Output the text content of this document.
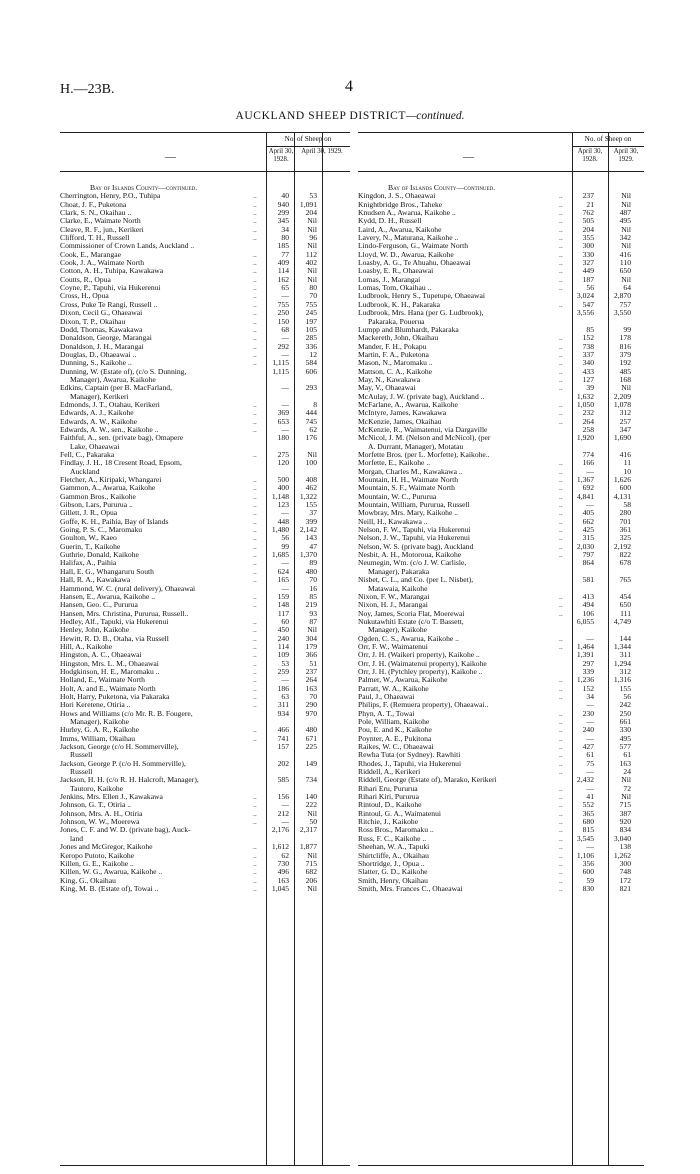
H.—23B.	4
AUCKLAND SHEEP DISTRICT—continued.
—
No. of Sheep on
April 30, 1928.
April 30, 1929.
Bay of Islands County—continued.
Cherrington, Henry, P.O., Tuhipa	..	40	53
Choat, J. F., Puketona	..	940	1,091
Clark, S. N., Okaihau ..	..	299	204
Clarke, E., Waimate North	..	345	Nil
Cleave, R. F., jun., Kerikeri	..	34	Nil
Clifford, T. H., Russell	..	80	96
Commissioner of Crown Lands, Auckland ..	185	Nil
Cook, E., Marangae	..	77	112
Cook, J. A., Waimate North	..	409	402
Cotton, A. H., Tuhipa, Kawakawa	..	114	Nil
Coutts, R., Opua	..	162	Nil
Coyne, P., Tapuhi, via Hukerenui	..	65	80
Cross, H., Opua	..	—	70
Cross, Puke Te Rangi, Russell ..	..	755	755
Dixon, Cecil G., Ohaeawai	..	250	245
Dixon, T. P., Okaihau	..	150	197
Dodd, Thomas, Kawakawa	..	68	105
Donaldson, George, Marangai	..	—	285
Donaldson, J. H., Marangai	..	292	336
Douglas, D., Ohaeawai ..	..	—	12
Dunning, S., Kaikohe ..	..	1,115	584
Dunning, W. (Estate of), (c/o S. Dunning,	1,115	606
Manager), Awarua, Kaikohe
Edkins, Captain (per B. MacFarland,	—	293
Manager), Kerikeri
Edmonds, J. T., Otahau, Kerikeri	..	—	8
Edwards, A. J., Kaikohe	..	369	444
Edwards, A. W., Kaikohe	..	653	745
Edwards, A. W., sen., Kaikohe ..	..	—	62
Faithful, A., sen. (private bag), Omapere	180	176
Lake, Ohaeawai
Fell, C., Pakaraka	..	275	Nil
Findlay, J. H., 18 Cresent Road, Epsom,	120	100
Auckland
Fletcher, A., Kiripaki, Whangarei	..	500	408
Gammon, A., Awarua, Kaikohe	..	400	462
Gammon Bros., Kaikohe	..	1,148	1,322
Gibson, Lars, Pururua ..	..	123	155
Gillett, J. R., Opua	..	—	37
Goffe, K. H., Paihia, Bay of Islands	..	448	399
Going, P. S. C., Maromaku	..	1,480	2,142
Goulton, W., Kaeo	..	56	143
Guerin, T., Kaikohe	..	99	47
Guthrie, Donald, Kaikohe	..	1,685	1,370
Halifax, A., Paihia	..	—	89
Hall, E. G., Whangaruru South	..	624	480
Hall, R. A., Kawakawa	..	165	70
Hammond, W. C. (rural delivery), Ohaeawai	—	16
Hansen, E., Awarua, Kaikohe ..	..	159	85
Hansen, Geo. C., Pururua	..	148	219
Hansen, Mrs. Christina, Pururua, Russell..	117	93
Hedley, Alf., Tapuki, via Hukerenui	..	60	87
Henley, John, Kaikohe	..	450	Nil
Hewitt, R. D. B., Otaha, via Russell	..	240	304
Hill, A., Kaikohe	..	114	179
Hingston, A. C., Ohaeawai	..	109	366
Hingston, Mrs. L. M., Ohaeawai	..	53	51
Hodgkinson, H. E., Maromaku ..	..	259	237
Holland, E., Waimate North	..	—	264
Holt, A. and E., Waimate North	..	186	163
Holt, Harry, Puketona, via Pakaraka	..	63	70
Hori Keretene, Otiria ..	..	311	290
Hows and Williams (c/o Mr. R. B. Fougere,	934	970
Manager), Kaikohe
Hurley, G. A. R., Kaikohe	..	466	480
Imms, William, Okaihau	..	741	671
Jackson, George (c/o H. Sommerville),	157	225
Russell
Jackson, George P. (c/o H. Sommerville),	202	149
Russell
Jackson, H. H. (c/o R. H. Halcroft, Manager),	585	734
Tautoro, Kaikohe
Jenkins, Mrs. Ellen J., Kawakawa	..	156	140
Johnson, G. T., Otiria ..	..	—	222
Johnson, Mrs. A. H., Otiria	..	212	Nil
Johnson, W. W., Moerewa	..	—	50
Jones, C. F. and W. D. (private bag), Auck-	2,176	2,317
land
Jones and McGregor, Kaikohe	..	1,612	1,877
Keropo Putoto, Kaikohe	..	62	Nil
Killen, G. E., Kaikohe ..	..	730	715
Killen, W. G., Awarua, Kaikohe ..	..	496	682
King, G., Okaihau	..	163	206
King, M. B. (Estate of), Towai ..	..	1,045	Nil
—
No. of Sheep on
April 30, 1928.
April 30, 1929.
Bay of Islands County—continued.
Kingdon, J. S., Ohaeawai	..	237	Nil
Knightbridge Bros., Taheke	..	21	Nil
Knudsen A., Awarua, Kaikohe ..	..	762	487
Kydd, D. H., Russell	..	505	495
Laird, A., Awarua, Kaikohe	..	204	Nil
Lavery, N., Maturana, Kaikohe ..	..	355	342
Lindo-Ferguson, G., Waimate North	..	300	Nil
Lloyd, W. D., Awarua, Kaikohe	..	330	416
Loasby, A. G., Te Ahuahu, Ohaeawai	..	327	110
Loasby, E. R., Ohaeawai	..	449	650
Lomas, J., Marangai	..	187	Nil
Lomas, Tom, Okaihau ..	..	56	64
Ludbrook, Henry S., Tupetupe, Ohaeawai	3,024	2,870
Ludbrook, K. H., Pakaraka	..	547	757
Ludbrook, Mrs. Hana (per G. Ludbrook),	3,556	3,550
Pakaraka, Pouerua
Lumpp and Blumhardt, Pakaraka	85	99
Mackereth, John, Okaihau	..	152	178
Mander, F. H., Pokapu	..	738	816
Martin, F. A., Puketona	..	337	379
Mason, N., Maromaku ..	..	340	192
Mattson, C. A., Kaikohe	..	433	485
May, N., Kawakawa	..	127	168
May, V., Ohaeawai	..	39	Nil
McAulay, J. W. (private bag), Auckland ..	1,632	2,209
McFarlane, A., Awarua, Kaikohe	..	1,050	1,078
McIntyre, James, Kawakawa	..	232	312
McKenzie, James, Okaihau	..	264	257
McKenzie, R., Waimatenui, via Dargaville	258	347
McNicol, J. M. (Nelson and McNicol), (per	1,920	1,690
A. Durrant, Manager), Motatau
Morfette Bros. (per L. Morfette), Kaikohe..	774	416
Morfette, E., Kaikohe ..	..	166	11
Morgan, Charles M., Kawakawa ..	..	—	10
Mountain, H. H., Waimate North	..	1,367	1,626
Mountain, S. F., Waimate North	..	692	600
Mountain, W. C., Pururua	..	4,841	4,131
Mountain, William, Pururua, Russell	..	—	58
Mowbray, Mrs. Mary, Kaikohe ..	..	405	280
Neill, H., Kawakawa ..	..	662	701
Nelson, F. W., Tapuhi, via Hukerenui	..	425	361
Nelson, J. W., Tapuhi, via Hukerenui	..	315	325
Nelson, W. S. (private bag), Auckland	..	2,030	2,192
Nesbit, A. H., Motoroua, Kaikohe	..	797	822
Neumegin, Wm. (c/o J. W. Carlisle,	864	678
Manager), Pakaraka
Nisbet, C. L., and Co. (per L. Nisbet),	581	765
Matawaia, Kaikohe
Nixon, F. W., Marangai	..	413	454
Nixon, H. J., Marangai	..	494	650
Noy, James, Scoria Flat, Moerewai	..	106	111
Nukutawhiti Estate (c/o T. Bassett,	6,055	4,749
Manager), Kaikohe
Ogden, C. S., Awarua, Kaikohe ..	..	—	144
Orr, F. W., Waimatenui	..	1,464	1,344
Orr, J. H. (Waikeri property), Kaikohe ..	1,391	311
Orr, J. H. (Waimatenui property), Kaikohe	297	1,294
Orr, J. H. (Pytchley property), Kaikohe ..	339	312
Palmer, W., Awarua, Kaikohe	..	1,236	1,316
Parratt, W. A., Kaikohe	..	152	155
Paul, J., Ohaeawai	..	34	56
Philips, F. (Remuera property), Ohaeawai..	—	242
Phyn, A. T., Towai	..	230	250
Pole, William, Kaikohe	..	—	661
Pou, E. and K., Kaikohe	..	240	330
Poynter, A. E., Pukitona	..	—	495
Raikes, W. C., Ohaeawai	..	427	577
Rewha Tuta (or Sydney). Rawhiti	..	61	61
Rhodes, J., Tapuhi, via Hukerenui	..	75	163
Riddell, A., Kerikeri	..	—	24
Riddell, George (Estate of), Marako, Kerikeri	2,432	Nil
Rihari Eru, Pururua	..	—	72
Rihari Kiri, Pururua	..	41	Nil
Rintoul, D., Kaikohe	..	552	715
Rintoul, G. A., Waimatenui	..	365	387
Ritchie, J., Kaikohe	..	680	920
Ross Bros., Maromaku ..	..	815	834
Russ, F. C., Kaikohe ..	..	3,545	3,040
Sheehan, W. A., Tapuki	..	—	138
Shirtcliffe, A., Okaihau	..	1,106	1,262
Shortridge, J., Opua ..	..	356	300
Slatter, G. D., Kaikohe	..	600	748
Smith, Henry, Okaihau	..	59	172
Smith, Mrs. Frances C., Ohaeawai	..	830	821
